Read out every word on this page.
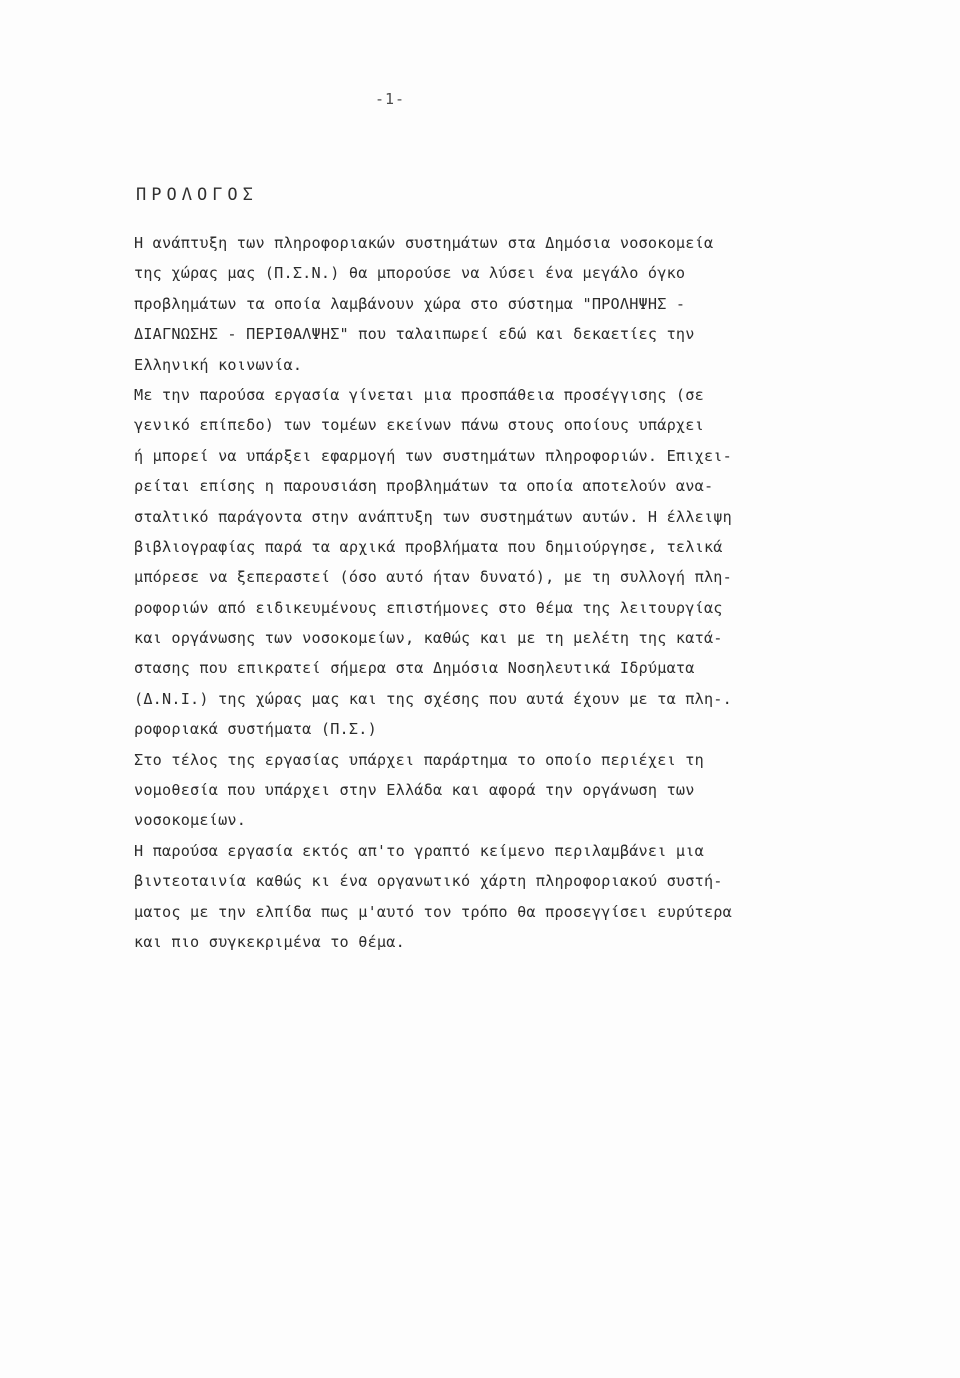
-1-
ΠΡΟΛΟΓΟΣ
Η ανάπτυξη των πληροφοριακών συστημάτων στα Δημόσια νοσοκομεία
της χώρας μας (Π.Σ.Ν.) θα μπορούσε να λύσει ένα μεγάλο όγκο
προβλημάτων τα οποία λαμβάνουν χώρα στο σύστημα "ΠΡΟΛΗΨΗΣ -
ΔΙΑΓΝΩΣΗΣ - ΠΕΡΙΘΑΛΨΗΣ" που ταλαιπωρεί εδώ και δεκαετίες την
Ελληνική κοινωνία.
Με την παρούσα εργασία γίνεται μια προσπάθεια προσέγγισης (σε
γενικό επίπεδο) των τομέων εκείνων πάνω στους οποίους υπάρχει
ή μπορεί να υπάρξει εφαρμογή των συστημάτων πληροφοριών. Επιχει-
ρείται επίσης η παρουσιάση προβλημάτων τα οποία αποτελούν ανα-
σταλτικό παράγοντα στην ανάπτυξη των συστημάτων αυτών. Η έλλειψη
βιβλιογραφίας παρά τα αρχικά προβλήματα που δημιούργησε, τελικά
μπόρεσε να ξεπεραστεί (όσο αυτό ήταν δυνατό), με τη συλλογή πλη-
ροφοριών από ειδικευμένους επιστήμονες στο θέμα της λειτουργίας
και οργάνωσης των νοσοκομείων, καθώς και με τη μελέτη της κατά-
στασης που επικρατεί σήμερα στα Δημόσια Νοσηλευτικά Ιδρύματα
(Δ.Ν.Ι.) της χώρας μας και της σχέσης που αυτά έχουν με τα πλη-.
ροφοριακά συστήματα (Π.Σ.)
Στο τέλος της εργασίας υπάρχει παράρτημα το οποίο περιέχει τη
νομοθεσία που υπάρχει στην Ελλάδα και αφορά την οργάνωση των
νοσοκομείων.
Η παρούσα εργασία εκτός απ'το γραπτό κείμενο περιλαμβάνει μια
βιντεοταινία καθώς κι ένα οργανωτικό χάρτη πληροφοριακού συστή-
ματος με την ελπίδα πως μ'αυτό τον τρόπο θα προσεγγίσει ευρύτερα
και πιο συγκεκριμένα το θέμα.
